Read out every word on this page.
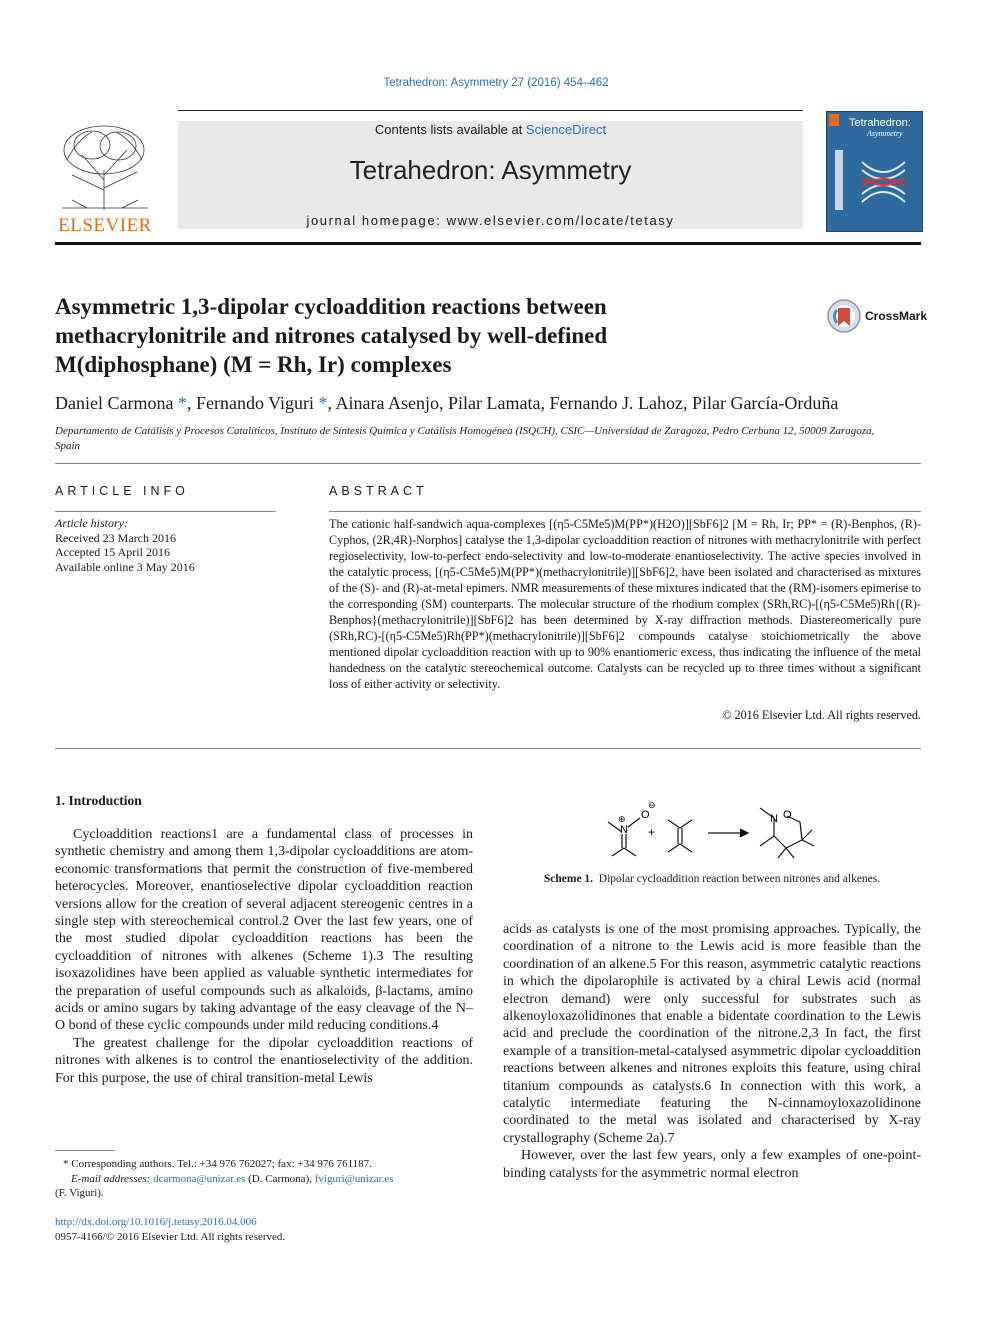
Tetrahedron: Asymmetry 27 (2016) 454–462
ELSEVIER
Contents lists available at ScienceDirect
Tetrahedron: Asymmetry
journal homepage: www.elsevier.com/locate/tetasy
Tetrahedron:
Asymmetry
Asymmetric 1,3-dipolar cycloaddition reactions between methacrylonitrile and nitrones catalysed by well-defined M(diphosphane) (M = Rh, Ir) complexes
CrossMark
Daniel Carmona *, Fernando Viguri *, Ainara Asenjo, Pilar Lamata, Fernando J. Lahoz, Pilar García-Orduña
Departamento de Catálisis y Procesos Catalíticos, Instituto de Síntesis Química y Catálisis Homogénea (ISQCH), CSIC—Universidad de Zaragoza, Pedro Cerbuna 12, 50009 Zaragoza, Spain
ARTICLE INFO
Article history:
Received 23 March 2016
Accepted 15 April 2016
Available online 3 May 2016
ABSTRACT
The cationic half-sandwich aqua-complexes [(η5-C5Me5)M(PP*)(H2O)][SbF6]2 [M = Rh, Ir; PP* = (R)-Benphos, (R)-Cyphos, (2R,4R)-Norphos] catalyse the 1,3-dipolar cycloaddition reaction of nitrones with methacrylonitrile with perfect regioselectivity, low-to-perfect endo-selectivity and low-to-moderate enantioselectivity. The active species involved in the catalytic process, [(η5-C5Me5)M(PP*)(methacrylonitrile)][SbF6]2, have been isolated and characterised as mixtures of the (S)- and (R)-at-metal epimers. NMR measurements of these mixtures indicated that the (RM)-isomers epimerise to the corresponding (SM) counterparts. The molecular structure of the rhodium complex (SRh,RC)-[(η5-C5Me5)Rh{(R)-Benphos}(methacrylonitrile)][SbF6]2 has been determined by X-ray diffraction methods. Diastereomerically pure (SRh,RC)-[(η5-C5Me5)Rh(PP*)(methacrylonitrile)][SbF6]2 compounds catalyse stoichiometrically the above mentioned dipolar cycloaddition reaction with up to 90% enantiomeric excess, thus indicating the influence of the metal handedness on the catalytic stereochemical outcome. Catalysts can be recycled up to three times without a significant loss of either activity or selectivity.
© 2016 Elsevier Ltd. All rights reserved.
1. Introduction

Cycloaddition reactions1 are a fundamental class of processes in synthetic chemistry and among them 1,3-dipolar cycloadditions are atom-economic transformations that permit the construction of five-membered heterocycles. Moreover, enantioselective dipolar cycloaddition reaction versions allow for the creation of several adjacent stereogenic centres in a single step with stereochemical control.2 Over the last few years, one of the most studied dipolar cycloaddition reactions has been the cycloaddition of nitrones with alkenes (Scheme 1).3 The resulting isoxazolidines have been applied as valuable synthetic intermediates for the preparation of useful compounds such as alkaloids, β-lactams, amino acids or amino sugars by taking advantage of the easy cleavage of the N–O bond of these cyclic compounds under mild reducing conditions.4

The greatest challenge for the dipolar cycloaddition reactions of nitrones with alkenes is to control the enantioselectivity of the addition. For this purpose, the use of chiral transition-metal Lewis

N
⊕ O
⊖
+
N O
Scheme 1. Dipolar cycloaddition reaction between nitrones and alkenes.

acids as catalysts is one of the most promising approaches. Typically, the coordination of a nitrone to the Lewis acid is more feasible than the coordination of an alkene.5 For this reason, asymmetric catalytic reactions in which the dipolarophile is activated by a chiral Lewis acid (normal electron demand) were only successful for substrates such as alkenoyloxazolidinones that enable a bidentate coordination to the Lewis acid and preclude the coordination of the nitrone.2,3 In fact, the first example of a transition-metal-catalysed asymmetric dipolar cycloaddition reactions between alkenes and nitrones exploits this feature, using chiral titanium compounds as catalysts.6 In connection with this work, a catalytic intermediate featuring the N-cinnamoyloxazolidinone coordinated to the metal was isolated and characterised by X-ray crystallography (Scheme 2a).7

However, over the last few years, only a few examples of one-point-binding catalysts for the asymmetric normal electron

* Corresponding authors. Tel.: +34 976 762027; fax: +34 976 761187.
E-mail addresses: dcarmona@unizar.es (D. Carmona), fviguri@unizar.es
(F. Viguri).
http://dx.doi.org/10.1016/j.tetasy.2016.04.006
0957-4166/© 2016 Elsevier Ltd. All rights reserved.
